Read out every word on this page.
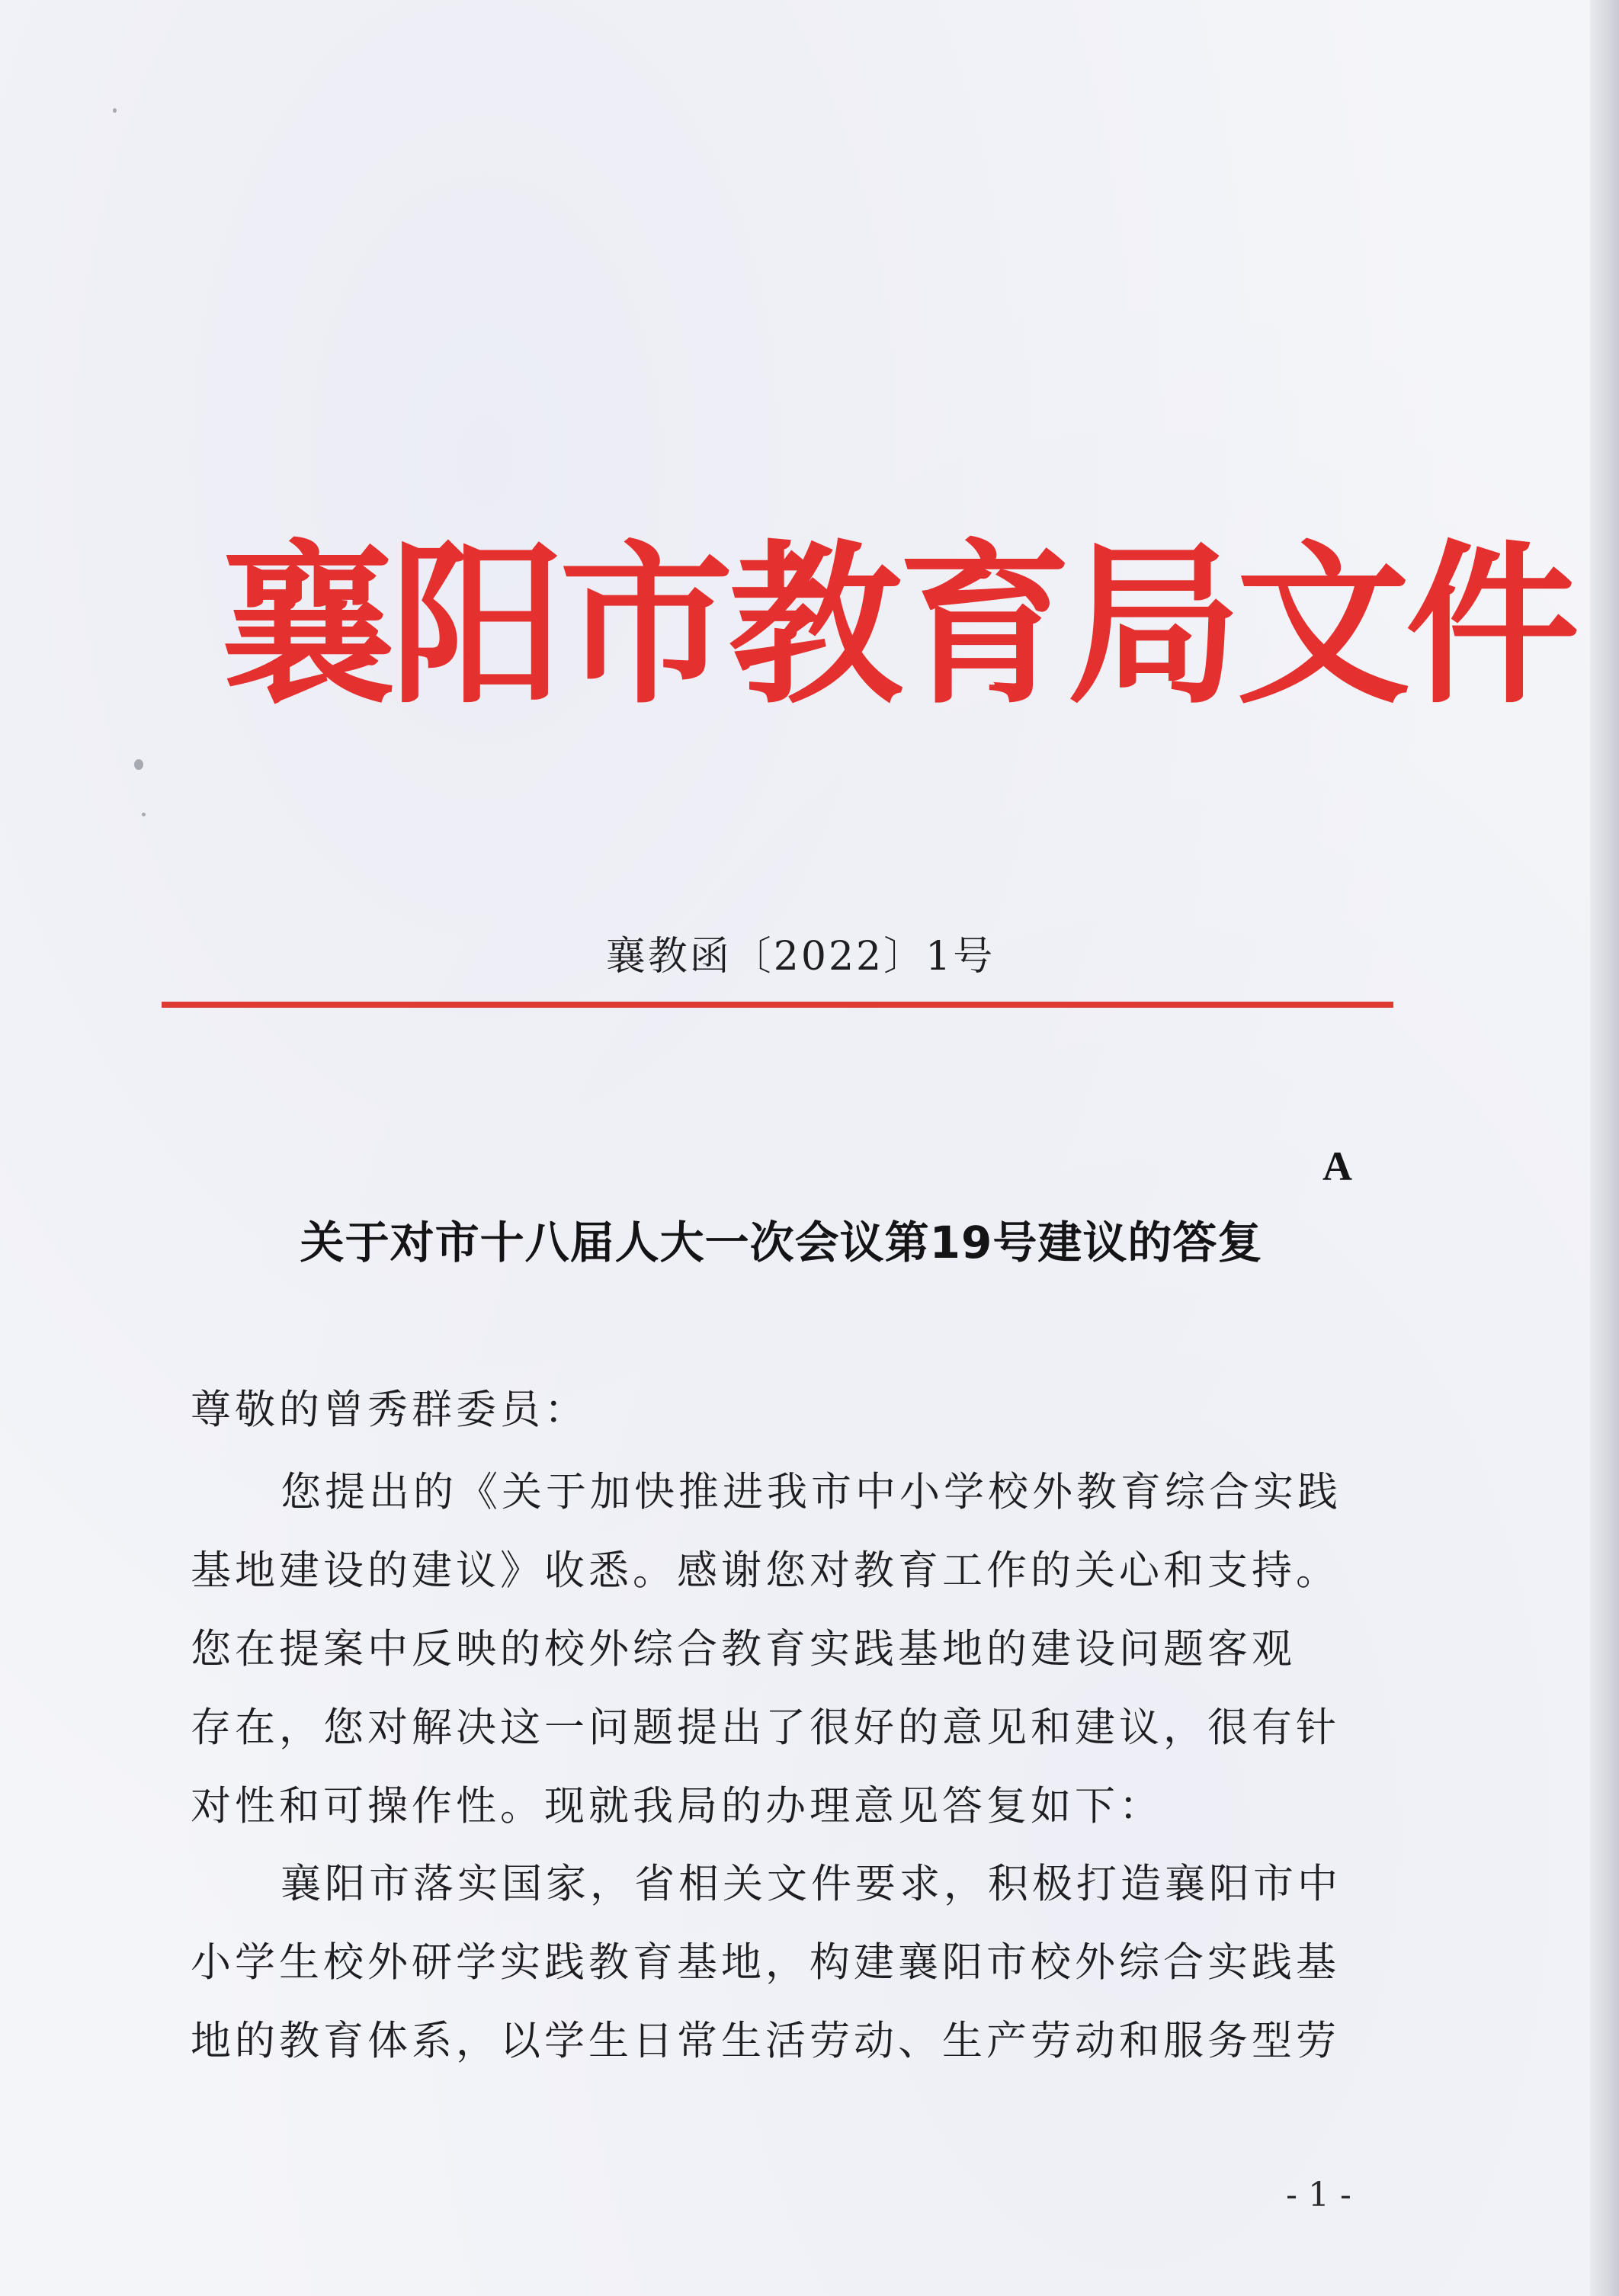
襄阳市教育局文件
襄教函〔2022〕1号
A
关于对市十八届人大一次会议第19号建议的答复
尊敬的曾秀群委员：
您提出的《关于加快推进我市中小学校外教育综合实践
基地建设的建议》收悉。感谢您对教育工作的关心和支持。
您在提案中反映的校外综合教育实践基地的建设问题客观
存在，您对解决这一问题提出了很好的意见和建议，很有针
对性和可操作性。现就我局的办理意见答复如下：
襄阳市落实国家，省相关文件要求，积极打造襄阳市中
小学生校外研学实践教育基地，构建襄阳市校外综合实践基
地的教育体系，以学生日常生活劳动、生产劳动和服务型劳
- 1 -
